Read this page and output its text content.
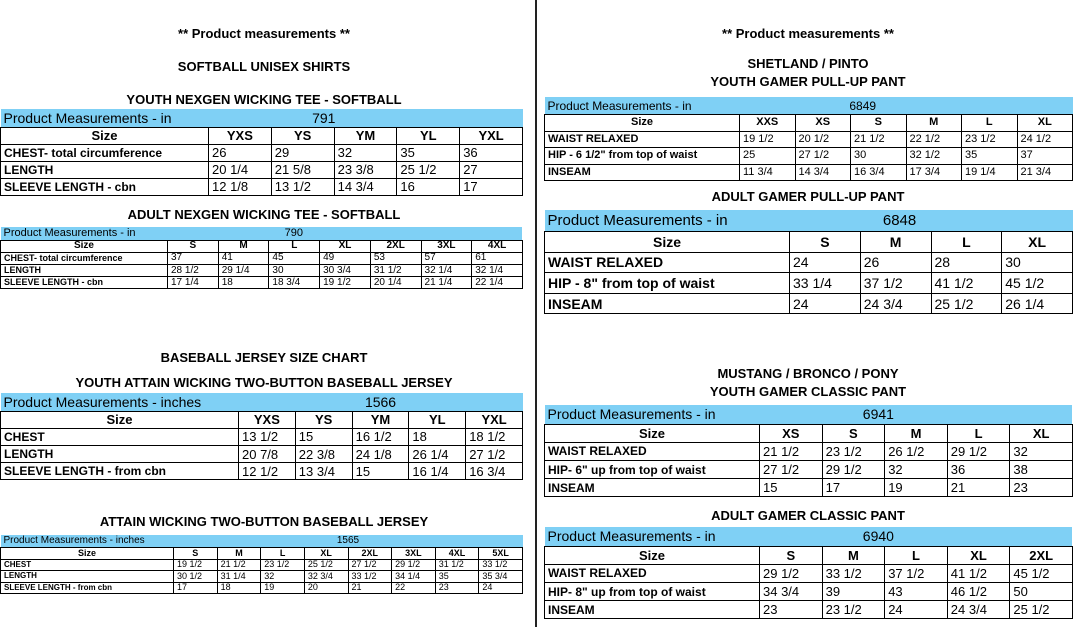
** Product measurements **
SOFTBALL UNISEX SHIRTS
YOUTH NEXGEN WICKING TEE - SOFTBALL
Product Measurements - in	791				
Size	YXS	YS	YM	YL	YXL
CHEST- total circumference	26	29	32	35	36
LENGTH	20 1/4	21 5/8	23 3/8	25 1/2	27
SLEEVE LENGTH - cbn	12 1/8	13 1/2	14 3/4	16	17
ADULT NEXGEN WICKING TEE - SOFTBALL
Product Measurements - in	790						
Size	S	M	L	XL	2XL	3XL	4XL
CHEST- total circumference	37	41	45	49	53	57	61
LENGTH	28 1/2	29 1/4	30	30 3/4	31 1/2	32 1/4	32 1/4
SLEEVE LENGTH - cbn	17 1/4	18	18 3/4	19 1/2	20 1/4	21 1/4	22 1/4
BASEBALL JERSEY SIZE CHART
YOUTH ATTAIN WICKING TWO-BUTTON BASEBALL JERSEY
Product Measurements - inches	1566				
Size	YXS	YS	YM	YL	YXL
CHEST	13 1/2	15	16 1/2	18	18 1/2
LENGTH	20 7/8	22 3/8	24 1/8	26 1/4	27 1/2
SLEEVE LENGTH - from cbn	12 1/2	13 3/4	15	16 1/4	16 3/4
ATTAIN WICKING TWO-BUTTON BASEBALL JERSEY
Product Measurements - inches	1565							
Size	S	M	L	XL	2XL	3XL	4XL	5XL
CHEST	19 1/2	21 1/2	23 1/2	25 1/2	27 1/2	29 1/2	31 1/2	33 1/2
LENGTH	30 1/2	31 1/4	32	32 3/4	33 1/2	34 1/4	35	35 3/4
SLEEVE LENGTH - from cbn	17	18	19	20	21	22	23	24
** Product measurements **
SHETLAND / PINTO
YOUTH GAMER PULL-UP PANT
Product Measurements - in	6849					
Size	XXS	XS	S	M	L	XL
WAIST RELAXED	19 1/2	20 1/2	21 1/2	22 1/2	23 1/2	24 1/2
HIP - 6 1/2" from top of waist	25	27 1/2	30	32 1/2	35	37
INSEAM	11 3/4	14 3/4	16 3/4	17 3/4	19 1/4	21 3/4
ADULT GAMER PULL-UP PANT
Product Measurements - in	6848			
Size	S	M	L	XL
WAIST RELAXED	24	26	28	30
HIP - 8" from top of waist	33 1/4	37 1/2	41 1/2	45 1/2
INSEAM	24	24 3/4	25 1/2	26 1/4
MUSTANG / BRONCO / PONY
YOUTH GAMER CLASSIC PANT
Product Measurements - in	6941				
Size	XS	S	M	L	XL
WAIST RELAXED	21 1/2	23 1/2	26 1/2	29 1/2	32
HIP- 6" up from top of waist	27 1/2	29 1/2	32	36	38
INSEAM	15	17	19	21	23
ADULT GAMER CLASSIC PANT
Product Measurements - in	6940				
Size	S	M	L	XL	2XL
WAIST RELAXED	29 1/2	33 1/2	37 1/2	41 1/2	45 1/2
HIP- 8" up from top of waist	34 3/4	39	43	46 1/2	50
INSEAM	23	23 1/2	24	24 3/4	25 1/2
